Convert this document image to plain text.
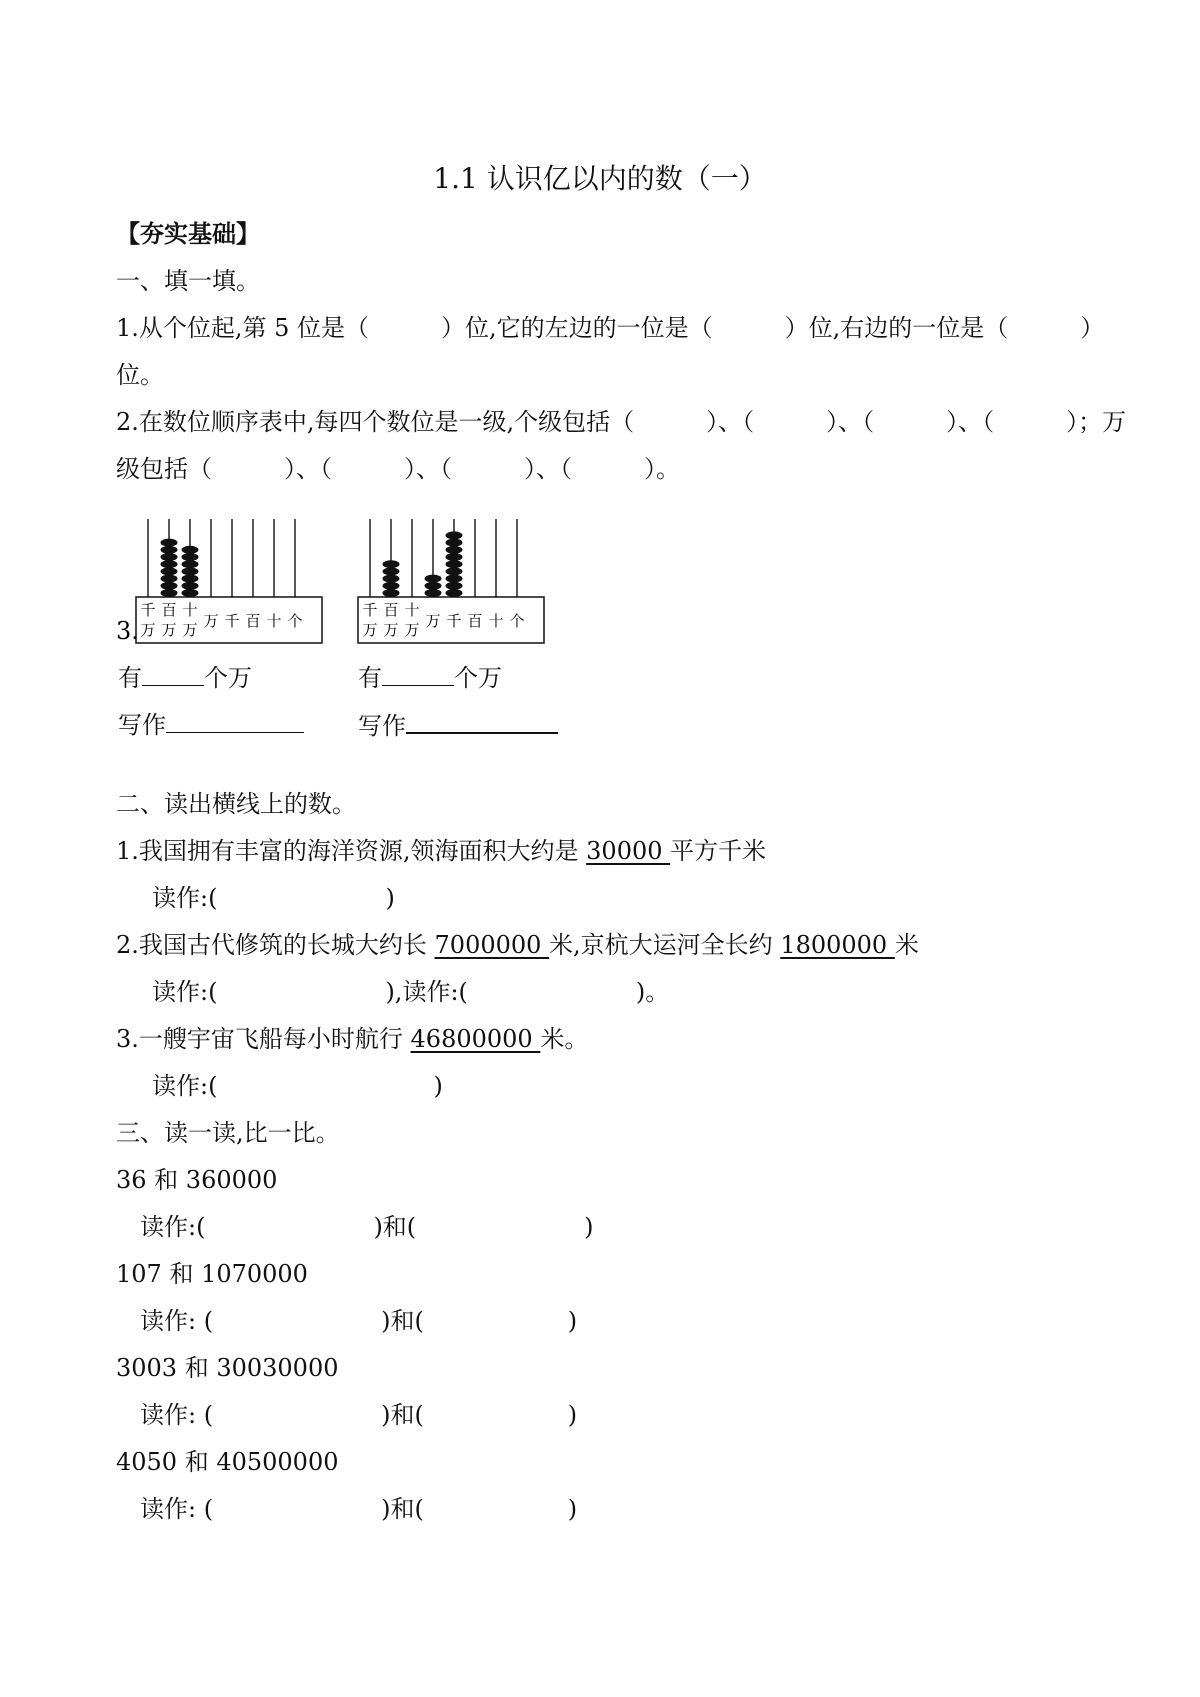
1.1 认识亿以内的数（一）
【夯实基础】
一、填一填。
1.从个位起,第 5 位是（　　　）位,它的左边的一位是（　　　）位,右边的一位是（　　　）
位。
2.在数位顺序表中,每四个数位是一级,个级包括（　　　）、（　　　）、（　　　）、（　　　）；万
级包括（　　　）、（　　　）、（　　　）、（　　　）。
3.
千
万
百
万
十
万 万 千 百 十 个
千
万
百
万
十
万 万 千 百 十 个
有	个万	有	个万
写作	写作
二、读出横线上的数。
1.我国拥有丰富的海洋资源,领海面积大约是 30000 平方千米
读作:(　　　　　　　)
2.我国古代修筑的长城大约长 7000000 米,京杭大运河全长约 1800000 米
读作:(　　　　　　　),读作:(　　　　　　　)。
3.一艘宇宙飞船每小时航行 46800000 米。
读作:(　　　　　　　　　)
三、读一读,比一比。
36 和 360000
读作:(　　　　　　　)和(　　　　　　　)
107 和 1070000
读作: (　　　　　　　)和(　　　　　　)
3003 和 30030000
读作: (　　　　　　　)和(　　　　　　)
4050 和 40500000
读作: (　　　　　　　)和(　　　　　　)
